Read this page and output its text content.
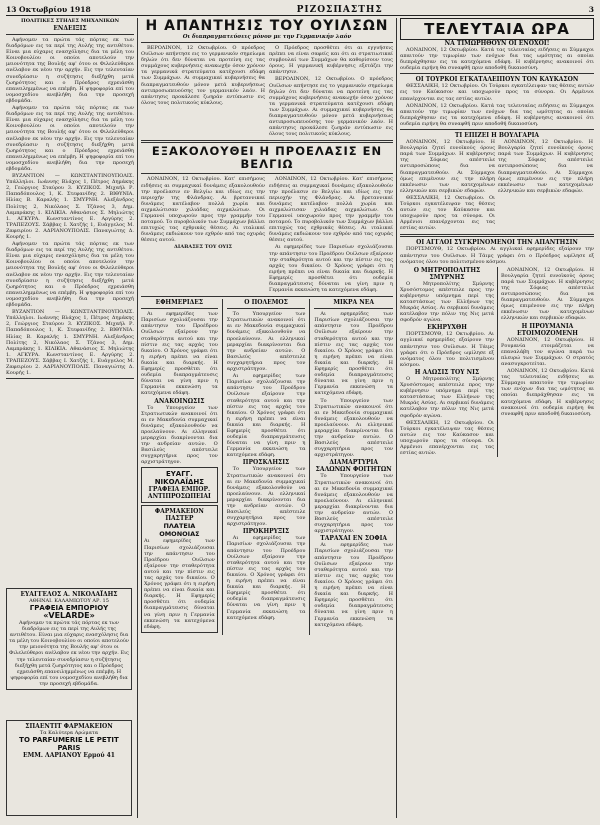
13 Οκτωβρίου 1918	ΡΙΖΟΣΠΑΣΤΗΣ	3
ΠΟΛΙΤΙΚΕΣ ΣΤΗΛΕΣ ΜΗΧΑΝΙΚΩΝ
ΕΝΔΕΙΞΙΣ

Αφήνομεν τα πρώτα τάς πόρτας εκ των διαδρόμων εις τα περί της Αυλής της αντιθέτου. Είναι μια εύχαρις ενασχόλησις δια τα μέλη του Κοινοβουλίου οι οποίοι αποτελούν την μειονότητα της Βουλής αφ' ότου οι Φιλελεύθεροι ανέλαβον εκ νέου την αρχήν. Εις την τελευταίαν συνεδρίασιν η συζήτησις διεξήχθη μετά ζωηρότητος και ο Πρόεδρος εχρειάσθη επανειλημμένως να επέμβη. Η ψηφοφορία επί του νομοσχεδίου ανεβλήθη δια την προσεχή εβδομάδα.

Αφήνομεν τα πρώτα τάς πόρτας εκ των διαδρόμων εις τα περί της Αυλής της αντιθέτου. Είναι μια εύχαρις ενασχόλησις δια τα μέλη του Κοινοβουλίου οι οποίοι αποτελούν την μειονότητα της Βουλής αφ' ότου οι Φιλελεύθεροι ανέλαβον εκ νέου την αρχήν. Εις την τελευταίαν συνεδρίασιν η συζήτησις διεξήχθη μετά ζωηρότητος και ο Πρόεδρος εχρειάσθη επανειλημμένως να επέμβη. Η ψηφοφορία επί του νομοσχεδίου ανεβλήθη δια την προσεχή εβδομάδα.

ΒΥΖΑΝΤΙΟΝ — ΚΩΝΣΤΑΝΤΙΝΟΥΠΟΛΙΣ. Υπάλληλοι. Ιωάννης Βλάχος 1, Πέτρος Δημάκης 2, Γεώργιος Σταύρου 3. ΚΥΖΙΚΟΣ. Μιχαήλ Ρ. Παπαδόπουλος 1, Κ. Στεφανίδης 2. ΒΙΘΥΝΙΑ. Ηλίας Β. Καραλής 1. ΣΜΥΡΝΗ. Αλεξάνδρος Πολίτης 2, Νικόλαος Σ. Τζάνος 3, Δημ. Λαμπράκης 1. ΚΙΛΙΚΙΑ. Αθανάσιος Σ. Μηλιώτης 1. ΑΓΚΥΡΑ. Κωνσταντίνος Ε. Αργύρης 2. ΤΡΑΠΕΖΟΥΣ. Σάββας Ι. Χατζής 1, Ευάγγελος Μ. Ζαφειρίου 2. ΑΔΡΙΑΝΟΥΠΟΛΙΣ. Παναγιώτης Δ. Κουρής 1.

Αφήνομεν τα πρώτα τάς πόρτας εκ των διαδρόμων εις τα περί της Αυλής της αντιθέτου. Είναι μια εύχαρις ενασχόλησις δια τα μέλη του Κοινοβουλίου οι οποίοι αποτελούν την μειονότητα της Βουλής αφ' ότου οι Φιλελεύθεροι ανέλαβον εκ νέου την αρχήν. Εις την τελευταίαν συνεδρίασιν η συζήτησις διεξήχθη μετά ζωηρότητος και ο Πρόεδρος εχρειάσθη επανειλημμένως να επέμβη. Η ψηφοφορία επί του νομοσχεδίου ανεβλήθη δια την προσεχή εβδομάδα.

ΒΥΖΑΝΤΙΟΝ — ΚΩΝΣΤΑΝΤΙΝΟΥΠΟΛΙΣ. Υπάλληλοι. Ιωάννης Βλάχος 1, Πέτρος Δημάκης 2, Γεώργιος Σταύρου 3. ΚΥΖΙΚΟΣ. Μιχαήλ Ρ. Παπαδόπουλος 1, Κ. Στεφανίδης 2. ΒΙΘΥΝΙΑ. Ηλίας Β. Καραλής 1. ΣΜΥΡΝΗ. Αλεξάνδρος Πολίτης 2, Νικόλαος Σ. Τζάνος 3, Δημ. Λαμπράκης 1. ΚΙΛΙΚΙΑ. Αθανάσιος Σ. Μηλιώτης 1. ΑΓΚΥΡΑ. Κωνσταντίνος Ε. Αργύρης 2. ΤΡΑΠΕΖΟΥΣ. Σάββας Ι. Χατζής 1, Ευάγγελος Μ. Ζαφειρίου 2. ΑΔΡΙΑΝΟΥΠΟΛΙΣ. Παναγιώτης Δ. Κουρής 1.

ΕΥΑΓΓΕΛΟΣ Α. ΝΙΚΟΛΑΪΔΗΣ
ΑΘΗΝΑΙ. ΚΑΛΑΜΙΩΤΟΥ ΑΡ. 15
ΓΡΑΦΕΙΑ ΕΜΠΟΡΙΟΥ
«VELARDE»
Αφήνομεν τα πρώτα τάς πόρτας εκ των διαδρόμων εις τα περί της Αυλής της αντιθέτου. Είναι μια εύχαρις ενασχόλησις δια τα μέλη του Κοινοβουλίου οι οποίοι αποτελούν την μειονότητα της Βουλής αφ' ότου οι Φιλελεύθεροι ανέλαβον εκ νέου την αρχήν. Εις την τελευταίαν συνεδρίασιν η συζήτησις διεξήχθη μετά ζωηρότητος και ο Πρόεδρος εχρειάσθη επανειλημμένως να επέμβη. Η ψηφοφορία επί του νομοσχεδίου ανεβλήθη δια την προσεχή εβδομάδα.
ΣΠΑΕΝΤΙΤ ΦΑΡΜΑΚΕΙΟΝ
Τα Καλύτερα Αρώματα
TO PARFUMERIE LE PETIT PARIS
ΕΜΜ. ΛΑΡΙΑΝΟΥ Ερμού 41
Η ΑΠΑΝΤΗΣΙΣ ΤΟΥ ΟΥΙΛΣΩΝ
Οι διαπραγματεύσεις μόνον με την Γερμανικήν λαόν

ΒΕΡΟΛΙΝΟΝ, 12 Οκτωβρίου. Ο πρόεδρος Ουίλσων απήντησε εις το γερμανικόν σημείωμα δηλών ότι δεν δύναται να προτείνη εις τας συμμάχους κυβερνήσεις ανακωχήν όσον χρόνον τα γερμανικά στρατεύματα κατέχουσι εδάφη των Συμμάχων. Αι συμμαχικαί κυβερνήσεις θα διαπραγματευθούν μόνον μετά κυβερνήσεως αντιπροσωπευούσης τον γερμανικόν λαόν. Η απάντησις προκάλεσε ζωηράν εντύπωσιν εις όλους τους πολιτικούς κύκλους.

Ο Πρόεδρος προσθέτει ότι αι εγγυήσεις πρέπει να είναι σαφείς και ότι αι στρατιωτικαί συμβουλαί των Συμμάχων θα καθορίσουν τους όρους. Η γερμανική κυβέρνησις εξετάζει την απάντησιν.

ΒΕΡΟΛΙΝΟΝ, 12 Οκτωβρίου. Ο πρόεδρος Ουίλσων απήντησε εις το γερμανικόν σημείωμα δηλών ότι δεν δύναται να προτείνη εις τας συμμάχους κυβερνήσεις ανακωχήν όσον χρόνον τα γερμανικά στρατεύματα κατέχουσι εδάφη των Συμμάχων. Αι συμμαχικαί κυβερνήσεις θα διαπραγματευθούν μόνον μετά κυβερνήσεως αντιπροσωπευούσης τον γερμανικόν λαόν. Η απάντησις προκάλεσε ζωηράν εντύπωσιν εις όλους τους πολιτικούς κύκλους.

ΕΞΑΚΟΛΟΥΘΕΙ Η ΠΡΟΕΛΑΣΙΣ ΕΝ ΒΕΛΓΙΩ

ΛΟΝΔΙΝΟΝ, 12 Οκτωβρίου. Κατ' επισήμους ειδήσεις αι συμμαχικαί δυνάμεις εξακολουθούν την προέλασιν εν Βελγίω και ιδίως εις την περιοχήν της Φλάνδρας. Αι βρεταννικαί δυνάμεις κατέλαβον πολλά χωρία και αιχμαλώτισαν χιλιάδας αιχμαλώτων. Οι Γερμανοί υποχωρούν προς την γραμμήν του ποταμού. Το πυροβολικόν των Συμμάχων βάλλει επιτυχώς τας εχθρικάς θέσεις. Αι ιταλικαί δυνάμεις εκδιώκουν τον εχθρόν από τας οχυράς θέσεις αυτού.

ΔΙΑΒΑΣΕΣ ΤΟΥ ΟΥΙΣ

ΛΟΝΔΙΝΟΝ, 12 Οκτωβρίου. Κατ' επισήμους ειδήσεις αι συμμαχικαί δυνάμεις εξακολουθούν την προέλασιν εν Βελγίω και ιδίως εις την περιοχήν της Φλάνδρας. Αι βρεταννικαί δυνάμεις κατέλαβον πολλά χωρία και αιχμαλώτισαν χιλιάδας αιχμαλώτων. Οι Γερμανοί υποχωρούν προς την γραμμήν του ποταμού. Το πυροβολικόν των Συμμάχων βάλλει επιτυχώς τας εχθρικάς θέσεις. Αι ιταλικαί δυνάμεις εκδιώκουν τον εχθρόν από τας οχυράς θέσεις αυτού.

Αι εφημερίδες των Παρισίων σχολιάζουσαι την απάντησιν του Προέδρου Ουίλσων εξαίρουν την σταθερότητα αυτού και την πίστιν εις τας αρχάς του δικαίου. Ο Χρόνος γράφει ότι η ειρήνη πρέπει να είναι δικαία και διαρκής. Η Εφημερίς προσθέτει ότι ουδεμία διαπραγμάτευσις δύναται να γίνη πριν η Γερμανία εκκενώση τα κατεχόμενα εδάφη.

ΕΦΗΜΕΡΙΔΕΣ

Αι εφημερίδες των Παρισίων σχολιάζουσαι την απάντησιν του Προέδρου Ουίλσων εξαίρουν την σταθερότητα αυτού και την πίστιν εις τας αρχάς του δικαίου. Ο Χρόνος γράφει ότι η ειρήνη πρέπει να είναι δικαία και διαρκής. Η Εφημερίς προσθέτει ότι ουδεμία διαπραγμάτευσις δύναται να γίνη πριν η Γερμανία εκκενώση τα κατεχόμενα εδάφη.

ΑΝΑΚΟΙΝΩΣΙΣ

Το Υπουργείον των Στρατιωτικών ανακοινοί ότι αι εν Μακεδονία συμμαχικαί δυνάμεις εξακολουθούν να προελαύνουν. Αι ελληνικαί μεραρχίαι διακρίνονται δια την ανδρείαν αυτών. Ο Βασιλεύς απέστειλε συγχαρητήρια προς τον αρχιστράτηγον.

ΕΥΑΓΓ. ΝΙΚΟΛΑΪΔΗΣ
ΓΡΑΦΕΙΑ ΕΜΠΟΡ. ΑΝΤΙΠΡΟΣΩΠΕΙΑΙ
ΦΑΡΜΑΚΕΙΟΝ ΠΑΣΤΕΡ
ΠΛΑΤΕΙΑ ΟΜΟΝΟΙΑΣ
Αι εφημερίδες των Παρισίων σχολιάζουσαι την απάντησιν του Προέδρου Ουίλσων εξαίρουν την σταθερότητα αυτού και την πίστιν εις τας αρχάς του δικαίου. Ο Χρόνος γράφει ότι η ειρήνη πρέπει να είναι δικαία και διαρκής. Η Εφημερίς προσθέτει ότι ουδεμία διαπραγμάτευσις δύναται να γίνη πριν η Γερμανία εκκενώση τα κατεχόμενα εδάφη.
Ο ΠΟΛΕΜΟΣ

Το Υπουργείον των Στρατιωτικών ανακοινοί ότι αι εν Μακεδονία συμμαχικαί δυνάμεις εξακολουθούν να προελαύνουν. Αι ελληνικαί μεραρχίαι διακρίνονται δια την ανδρείαν αυτών. Ο Βασιλεύς απέστειλε συγχαρητήρια προς τον αρχιστράτηγον.

Αι εφημερίδες των Παρισίων σχολιάζουσαι την απάντησιν του Προέδρου Ουίλσων εξαίρουν την σταθερότητα αυτού και την πίστιν εις τας αρχάς του δικαίου. Ο Χρόνος γράφει ότι η ειρήνη πρέπει να είναι δικαία και διαρκής. Η Εφημερίς προσθέτει ότι ουδεμία διαπραγμάτευσις δύναται να γίνη πριν η Γερμανία εκκενώση τα κατεχόμενα εδάφη.

ΠΡΟΣΚΛΗΣΙΣ

Το Υπουργείον των Στρατιωτικών ανακοινοί ότι αι εν Μακεδονία συμμαχικαί δυνάμεις εξακολουθούν να προελαύνουν. Αι ελληνικαί μεραρχίαι διακρίνονται δια την ανδρείαν αυτών. Ο Βασιλεύς απέστειλε συγχαρητήρια προς τον αρχιστράτηγον.

ΠΡΟΚΗΡΥΞΙΣ

Αι εφημερίδες των Παρισίων σχολιάζουσαι την απάντησιν του Προέδρου Ουίλσων εξαίρουν την σταθερότητα αυτού και την πίστιν εις τας αρχάς του δικαίου. Ο Χρόνος γράφει ότι η ειρήνη πρέπει να είναι δικαία και διαρκής. Η Εφημερίς προσθέτει ότι ουδεμία διαπραγμάτευσις δύναται να γίνη πριν η Γερμανία εκκενώση τα κατεχόμενα εδάφη.

ΜΙΚΡΑ ΝΕΑ

Αι εφημερίδες των Παρισίων σχολιάζουσαι την απάντησιν του Προέδρου Ουίλσων εξαίρουν την σταθερότητα αυτού και την πίστιν εις τας αρχάς του δικαίου. Ο Χρόνος γράφει ότι η ειρήνη πρέπει να είναι δικαία και διαρκής. Η Εφημερίς προσθέτει ότι ουδεμία διαπραγμάτευσις δύναται να γίνη πριν η Γερμανία εκκενώση τα κατεχόμενα εδάφη.

Το Υπουργείον των Στρατιωτικών ανακοινοί ότι αι εν Μακεδονία συμμαχικαί δυνάμεις εξακολουθούν να προελαύνουν. Αι ελληνικαί μεραρχίαι διακρίνονται δια την ανδρείαν αυτών. Ο Βασιλεύς απέστειλε συγχαρητήρια προς τον αρχιστράτηγον.

ΔΙΑΜΑΡΤΥΡΙΑ ΣΑΛΩΝΩΝ ΦΟΙΤΗΤΩΝ

Το Υπουργείον των Στρατιωτικών ανακοινοί ότι αι εν Μακεδονία συμμαχικαί δυνάμεις εξακολουθούν να προελαύνουν. Αι ελληνικαί μεραρχίαι διακρίνονται δια την ανδρείαν αυτών. Ο Βασιλεύς απέστειλε συγχαρητήρια προς τον αρχιστράτηγον.

ΤΑΡΑΧΑΙ ΕΝ ΣΟΦΙΑ

Αι εφημερίδες των Παρισίων σχολιάζουσαι την απάντησιν του Προέδρου Ουίλσων εξαίρουν την σταθερότητα αυτού και την πίστιν εις τας αρχάς του δικαίου. Ο Χρόνος γράφει ότι η ειρήνη πρέπει να είναι δικαία και διαρκής. Η Εφημερίς προσθέτει ότι ουδεμία διαπραγμάτευσις δύναται να γίνη πριν η Γερμανία εκκενώση τα κατεχόμενα εδάφη.

ΤΕΛΕΥΤΑΙΑ ΩΡΑ
ΝΑ ΤΙΜΩΡΗΘΟΥΝ ΟΙ ΕΝΟΧΟΙ!

ΛΟΝΔΙΝΟΝ, 12 Οκτωβρίου. Κατά τας τελευταίας ειδήσεις αι Σύμμαχοι απαιτούν την τιμωρίαν των ενόχων δια τας ωμότητας αι οποίαι διεπράχθησαν εις τα κατεχόμενα εδάφη. Η κυβέρνησις ανακοινοί ότι ουδεμία ειρήνη θα συναφθή πριν αποδοθή δικαιοσύνη.

ΟΙ ΤΟΥΡΚΟΙ ΕΓΚΑΤΑΛΕΙΠΟΥΝ ΤΟΝ ΚΑΥΚΑΣΟΝ

ΘΕΣΣΑΛΙΚΗ, 12 Οκτωβρίου. Οι Τούρκοι εγκατέλειψαν τας θέσεις αυτών εις τον Καύκασον και υποχωρούν προς τα σύνορα. Οι Αρμένιοι επανέρχονται εις τας εστίας αυτών.

ΛΟΝΔΙΝΟΝ, 12 Οκτωβρίου. Κατά τας τελευταίας ειδήσεις αι Σύμμαχοι απαιτούν την τιμωρίαν των ενόχων δια τας ωμότητας αι οποίαι διεπράχθησαν εις τα κατεχόμενα εδάφη. Η κυβέρνησις ανακοινοί ότι ουδεμία ειρήνη θα συναφθή πριν αποδοθή δικαιοσύνη.

ΤΙ ΕΠΙΖΕΙ Η ΒΟΥΛΓΑΡΙΑ

ΛΟΝΔΙΝΟΝ, 12 Οκτωβρίου. Η Βουλγαρία ζητεί ευνοϊκούς όρους παρά των Συμμάχων. Η κυβέρνησις της Σόφιας απέστειλε αντιπροσώπους δια να διαπραγματευθούν. Αι Σύμμαχοι όμως επιμένουν εις την πλήρη εκκένωσιν των κατεχομένων ελληνικών και σερβικών εδαφών.

ΘΕΣΣΑΛΙΚΗ, 12 Οκτωβρίου. Οι Τούρκοι εγκατέλειψαν τας θέσεις αυτών εις τον Καύκασον και υποχωρούν προς τα σύνορα. Οι Αρμένιοι επανέρχονται εις τας εστίας αυτών.

ΛΟΝΔΙΝΟΝ, 12 Οκτωβρίου. Η Βουλγαρία ζητεί ευνοϊκούς όρους παρά των Συμμάχων. Η κυβέρνησις της Σόφιας απέστειλε αντιπροσώπους δια να διαπραγματευθούν. Αι Σύμμαχοι όμως επιμένουν εις την πλήρη εκκένωσιν των κατεχομένων ελληνικών και σερβικών εδαφών.

ΟΙ ΑΓΓΛΟΙ ΣΥΓΚΡΙΝΟΜΕΝΟΙ ΤΗΝ ΑΠΑΝΤΗΣΙΝ

ΠΟΡΤΣΜΟΥΘ, 12 Οκτωβρίου. Αι αγγλικαί εφημερίδες εξαίρουν την απάντησιν του Ουίλσων. Η Τάιμς γράφει ότι ο Πρόεδρος ωμίλησε εξ ονόματος όλου του πολιτισμένου κόσμου.

Ο ΜΗΤΡΟΠΟΛΙΤΗΣ ΣΜΥΡΝΗΣ

Ο Μητροπολίτης Σμύρνης Χρυσόστομος απέστειλε προς την κυβέρνησιν υπόμνημα περί της καταστάσεως των Ελλήνων της Μικράς Ασίας. Αι σερβικαί δυνάμεις κατέλαβον την πόλιν της Νις μετά σφοδρόν αγώνα.

ΕΚΗΡΥΧΘΗ

ΠΟΡΤΣΜΟΥΘ, 12 Οκτωβρίου. Αι αγγλικαί εφημερίδες εξαίρουν την απάντησιν του Ουίλσων. Η Τάιμς γράφει ότι ο Πρόεδρος ωμίλησε εξ ονόματος όλου του πολιτισμένου κόσμου.

Η ΑΛΩΣΙΣ ΤΟΥ ΝΙΣ

Ο Μητροπολίτης Σμύρνης Χρυσόστομος απέστειλε προς την κυβέρνησιν υπόμνημα περί της καταστάσεως των Ελλήνων της Μικράς Ασίας. Αι σερβικαί δυνάμεις κατέλαβον την πόλιν της Νις μετά σφοδρόν αγώνα.

ΘΕΣΣΑΛΙΚΗ, 12 Οκτωβρίου. Οι Τούρκοι εγκατέλειψαν τας θέσεις αυτών εις τον Καύκασον και υποχωρούν προς τα σύνορα. Οι Αρμένιοι επανέρχονται εις τας εστίας αυτών.

ΛΟΝΔΙΝΟΝ, 12 Οκτωβρίου. Η Βουλγαρία ζητεί ευνοϊκούς όρους παρά των Συμμάχων. Η κυβέρνησις της Σόφιας απέστειλε αντιπροσώπους δια να διαπραγματευθούν. Αι Σύμμαχοι όμως επιμένουν εις την πλήρη εκκένωσιν των κατεχομένων ελληνικών και σερβικών εδαφών.

Η ΠΡΟΥΜΑΝΙΑ ΕΤΟΙΜΟΖΟΜΕΝΗ

ΛΟΝΔΙΝΟΝ, 12 Οκτωβρίου. Η Ρουμανία ετοιμάζεται να επαναλάβη τον αγώνα παρά τω πλευρώ των Συμμάχων. Ο στρατός ανασυγκροτείται.

ΛΟΝΔΙΝΟΝ, 12 Οκτωβρίου. Κατά τας τελευταίας ειδήσεις αι Σύμμαχοι απαιτούν την τιμωρίαν των ενόχων δια τας ωμότητας αι οποίαι διεπράχθησαν εις τα κατεχόμενα εδάφη. Η κυβέρνησις ανακοινοί ότι ουδεμία ειρήνη θα συναφθή πριν αποδοθή δικαιοσύνη.
